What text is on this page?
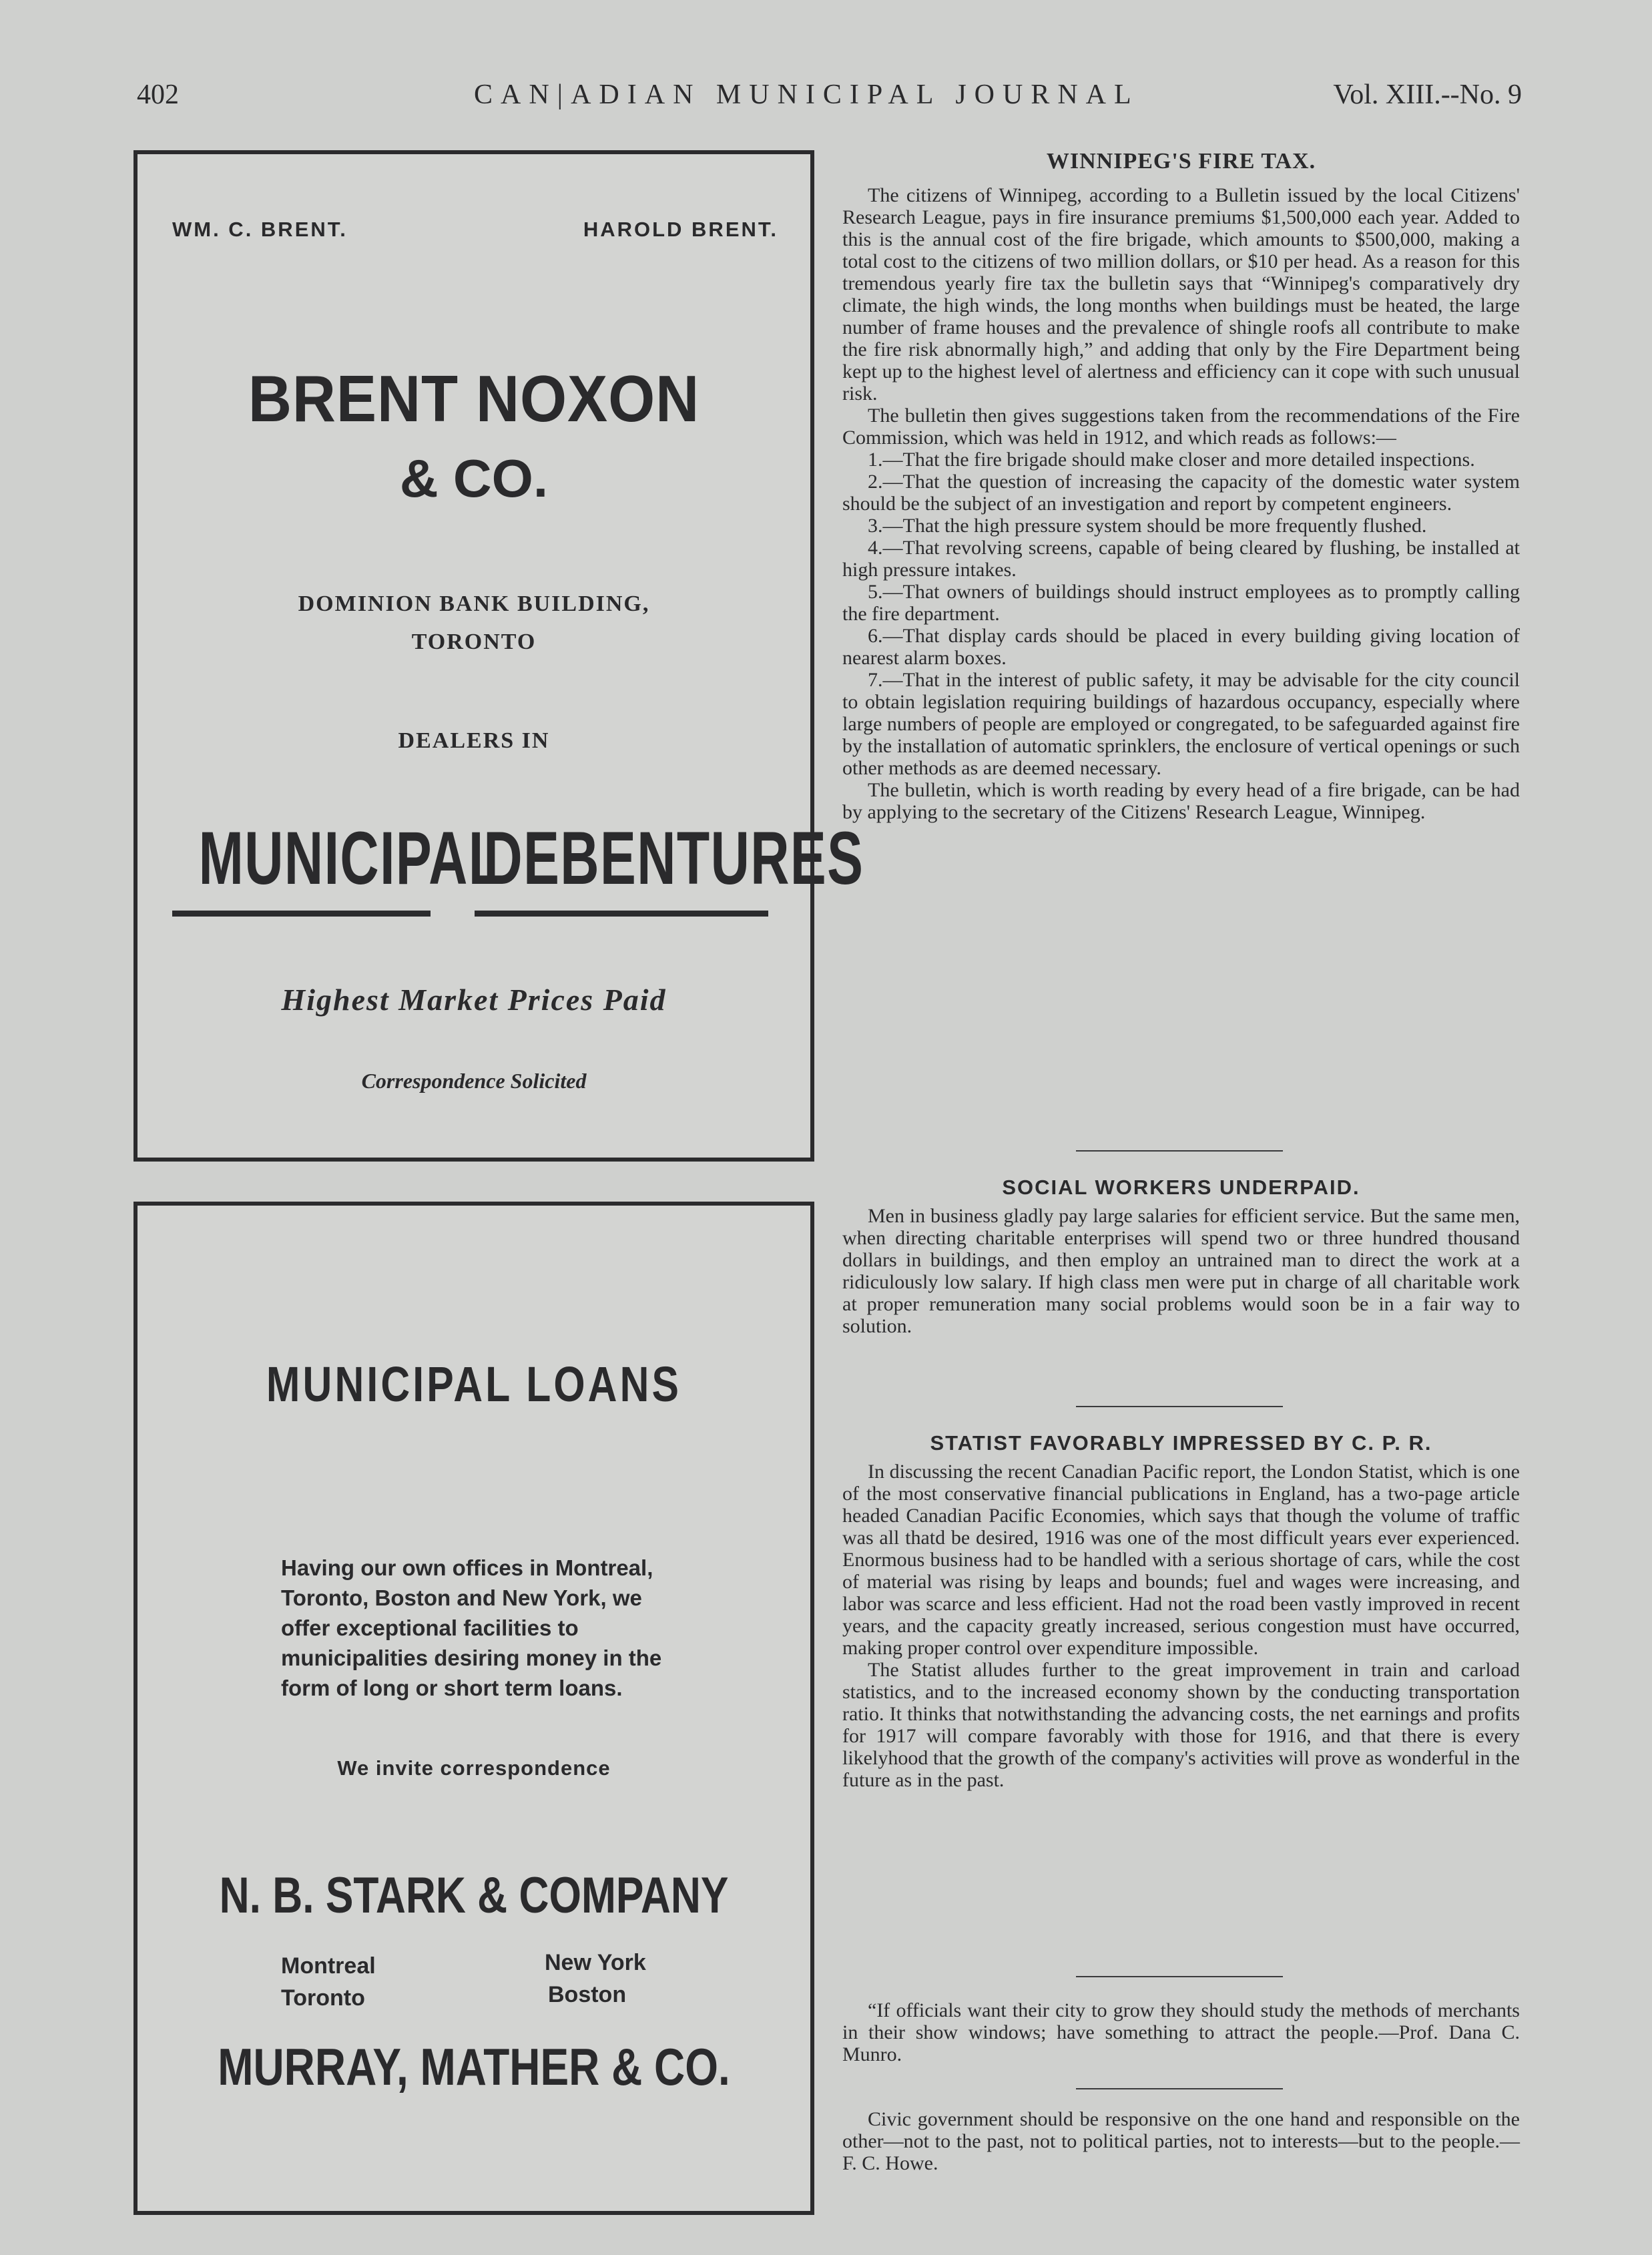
402	CAN|ADIAN MUNICIPAL JOURNAL	Vol. XIII.--No. 9
WM. C. BRENT.	HAROLD BRENT.
BRENT NOXON
& CO.
DOMINION BANK BUILDING,
TORONTO
DEALERS IN
MUNICIPAL
DEBENTURES
Highest Market Prices Paid
Correspondence Solicited
MUNICIPAL LOANS
Having our own offices in Montreal, Toronto, Boston and New York, we offer exceptional facilities to municipalities desiring money in the form of long or short term loans.
We invite correspondence
N. B. STARK & COMPANY
Montreal
Toronto
New York
Boston
MURRAY, MATHER & CO.
WINNIPEG'S FIRE TAX.

The citizens of Winnipeg, according to a Bulletin issued by the local Citizens' Research League, pays in fire insurance premiums $1,500,000 each year. Added to this is the annual cost of the fire brigade, which amounts to $500,000, making a total cost to the citizens of two million dollars, or $10 per head. As a reason for this tremendous yearly fire tax the bulletin says that “Winnipeg's comparatively dry climate, the high winds, the long months when buildings must be heated, the large number of frame houses and the prevalence of shingle roofs all contribute to make the fire risk abnormally high,” and adding that only by the Fire Department being kept up to the highest level of alertness and efficiency can it cope with such unusual risk.

The bulletin then gives suggestions taken from the recommendations of the Fire Commission, which was held in 1912, and which reads as follows:—

1.—That the fire brigade should make closer and more detailed inspections.

2.—That the question of increasing the capacity of the domestic water system should be the subject of an investigation and report by competent engineers.

3.—That the high pressure system should be more frequently flushed.

4.—That revolving screens, capable of being cleared by flushing, be installed at high pressure intakes.

5.—That owners of buildings should instruct employees as to promptly calling the fire department.

6.—That display cards should be placed in every building giving location of nearest alarm boxes.

7.—That in the interest of public safety, it may be advisable for the city council to obtain legislation requiring buildings of hazardous occupancy, especially where large numbers of people are employed or congregated, to be safeguarded against fire by the installation of automatic sprinklers, the enclosure of vertical openings or such other methods as are deemed necessary.

The bulletin, which is worth reading by every head of a fire brigade, can be had by applying to the secretary of the Citizens' Research League, Winnipeg.

SOCIAL WORKERS UNDERPAID.

Men in business gladly pay large salaries for efficient service. But the same men, when directing charitable enterprises will spend two or three hundred thousand dollars in buildings, and then employ an untrained man to direct the work at a ridiculously low salary. If high class men were put in charge of all charitable work at proper remuneration many social problems would soon be in a fair way to solution.

STATIST FAVORABLY IMPRESSED BY C. P. R.

In discussing the recent Canadian Pacific report, the London Statist, which is one of the most conservative financial publications in England, has a two-page article headed Canadian Pacific Economies, which says that though the volume of traffic was all thatd be desired, 1916 was one of the most difficult years ever experienced. Enormous business had to be handled with a serious shortage of cars, while the cost of material was rising by leaps and bounds; fuel and wages were increasing, and labor was scarce and less efficient. Had not the road been vastly improved in recent years, and the capacity greatly increased, serious congestion must have occurred, making proper control over expenditure impossible.

The Statist alludes further to the great improvement in train and carload statistics, and to the increased economy shown by the conducting transportation ratio. It thinks that notwithstanding the advancing costs, the net earnings and profits for 1917 will compare favorably with those for 1916, and that there is every likelyhood that the growth of the company's activities will prove as wonderful in the future as in the past.

“If officials want their city to grow they should study the methods of merchants in their show windows; have something to attract the people.—Prof. Dana C. Munro.

Civic government should be responsive on the one hand and responsible on the other—not to the past, not to political parties, not to interests—but to the people.—F. C. Howe.
